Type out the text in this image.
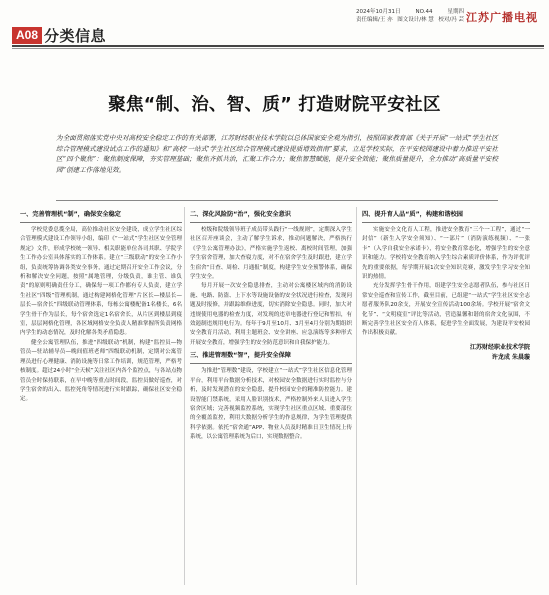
A08 分类信息
2024年10月31日	NO.44	星期四
责任编辑/王 亦 图文设计/林 慧 校对/冯 芸 江苏广播电视
聚焦“制、治、智、质” 打造财院平安社区

为全面贯彻落实党中央对高校安全稳定工作的有关部署，江苏财经职业技术学院以总体国家安全观为指引，按照国家教育部《关于开展“一站式”学生社区综合管理模式建设试点工作的通知》和“高校‘一站式’学生社区综合管理模式建设提质增效指南”要求，立足学校实际，在平安校园建设中着力推进平安社区“四个聚焦”：聚焦制度保障，夯实管理基础；聚焦齐抓共治，汇聚工作合力；聚焦智慧赋能，提升安全效能；聚焦质量提升，全力推动“高质量平安校园”创建工作落地见效。

一、完善管理机“制”，确保安全稳定

学校党委总揽全局，高位推动社区安全建设，成立学生社区综合管理模式建设工作领导小组，编印《“一站式”学生社区安全管理规定》文件，形成学校统一领导、相关职能单位各司其职、学院学生工作办公室具体落实的工作体系。建立“三级联动”的安全工作小组，负责统筹协调各类安全事务，通过定期召开安全工作会议，分析和解决安全问题，按照“属地管理，分级负责，谁主管、谁负责”的原则明确责任分工，确保每一项工作都有专人负责，建立学生社区“四级”管理机制，通过构建网格化管理“片区长—楼层长—层长—宿舍长”四级联动管理体系，每栋公寓楼配备1名楼长，6名学生骨干作为层长，每个宿舍选定1名宿舍长，从片区到楼层到寝室，层层网格化管理，各区域网格安全负责人精准掌握所负责网格内学生的动态情况，及时化解各类矛盾隐患。

健全公寓管理队伍，推进“四级联动”机制，构建“监控员—物管员—驻站辅导员—晚间值班老师”四级联动机制，定期对公寓管理员进行心理健康、消防设施等日常工作培训，规范管理，严格考核制度。超过24小时“全天候”关注社区内各个监控点，与各站点物管员全时保持联系，在早中晚等重点时间段，监控员做好巡查，对学生宿舍的出入、监控死角等情况进行实时跟踪，确保社区安全稳定。

二、深化风险防“治”，强化安全意识

校级和院级领导班子成员带头践行“一线规则”，定期深入学生社区召开座谈会，主动了解学生诉求，推动问题解决，严格执行《学生公寓管理办法》，严格实施学生返校、离校时间管理，加强学生宿舍管理，加大查寝力度，对不在宿舍学生及时跟进，建立学生宿舍“日查、周检、月通报”制度，构建学生安全预警体系，确保学生安全。

每月开展一次安全隐患排查，主动对公寓楼区域内的消防设施、电路、防盗、上下水等设施设备的安全状况进行检查，发现问题及时报修，并跟踪维修进度，切实消除安全隐患。同时，加大对违规使用电器的检查力度，对发现的违章电器进行登记和暂扣，有效遏制违规用电行为。每年于9月至10月、3月至4月分别为期组织安全教育月活动，利用主题班会、安全讲座、应急演练等多种形式开展安全教育，增强学生的安全防范意识和自我保护能力。

三、推进管理数“智”，提升安全保障

为推进“管理数”建设，学校建立“一站式”学生社区信息化管理平台，利用平台数据分析技术，对校园安全数据进行实时监控与分析，及时发现潜在的安全隐患，提升校园安全的精准防控能力。建设智能门禁系统，采用人脸识别技术，严格控制外来人员进入学生宿舍区域；完善视频监控系统，实现学生社区重点区域、重要部位的全覆盖监控，利用大数据分析学生的作息规律，为学生管理提供科学依据。依托“宿舍通”APP、物业人员及时精准日卫生情况上传系统，以公寓管理系统为后口，实现数据整合。

四、提升育人品“质”，构建和谐校园

实施安全文化育人工程，推进安全教育“三个一工程”，通过“一封信”（新生入学安全须知）、“一部片”（消防演练视频）、“一张卡”（入学自我安全承诺卡），将安全教育常态化，增强学生的安全意识和能力。学校将安全教育纳入学生综合素质评价体系，作为评优评先的重要依据，每学期开展1次安全知识竞赛，激发学生学习安全知识的热情。

充分发挥学生骨干作用，组建学生安全志愿者队伍，参与社区日常安全巡查和宣传工作，截至目前，已组建“一站式”学生社区安全志愿者服务队20余支，开展安全宣传活动100余场。学校开展“宿舍文化节”、“文明寝室”评比等活动，营造温馨和谐的宿舍文化氛围，不断完善学生社区安全育人体系，促进学生全面发展，为建设平安校园作出积极贡献。

江苏财经职业技术学院
许龙成 朱晨璇
